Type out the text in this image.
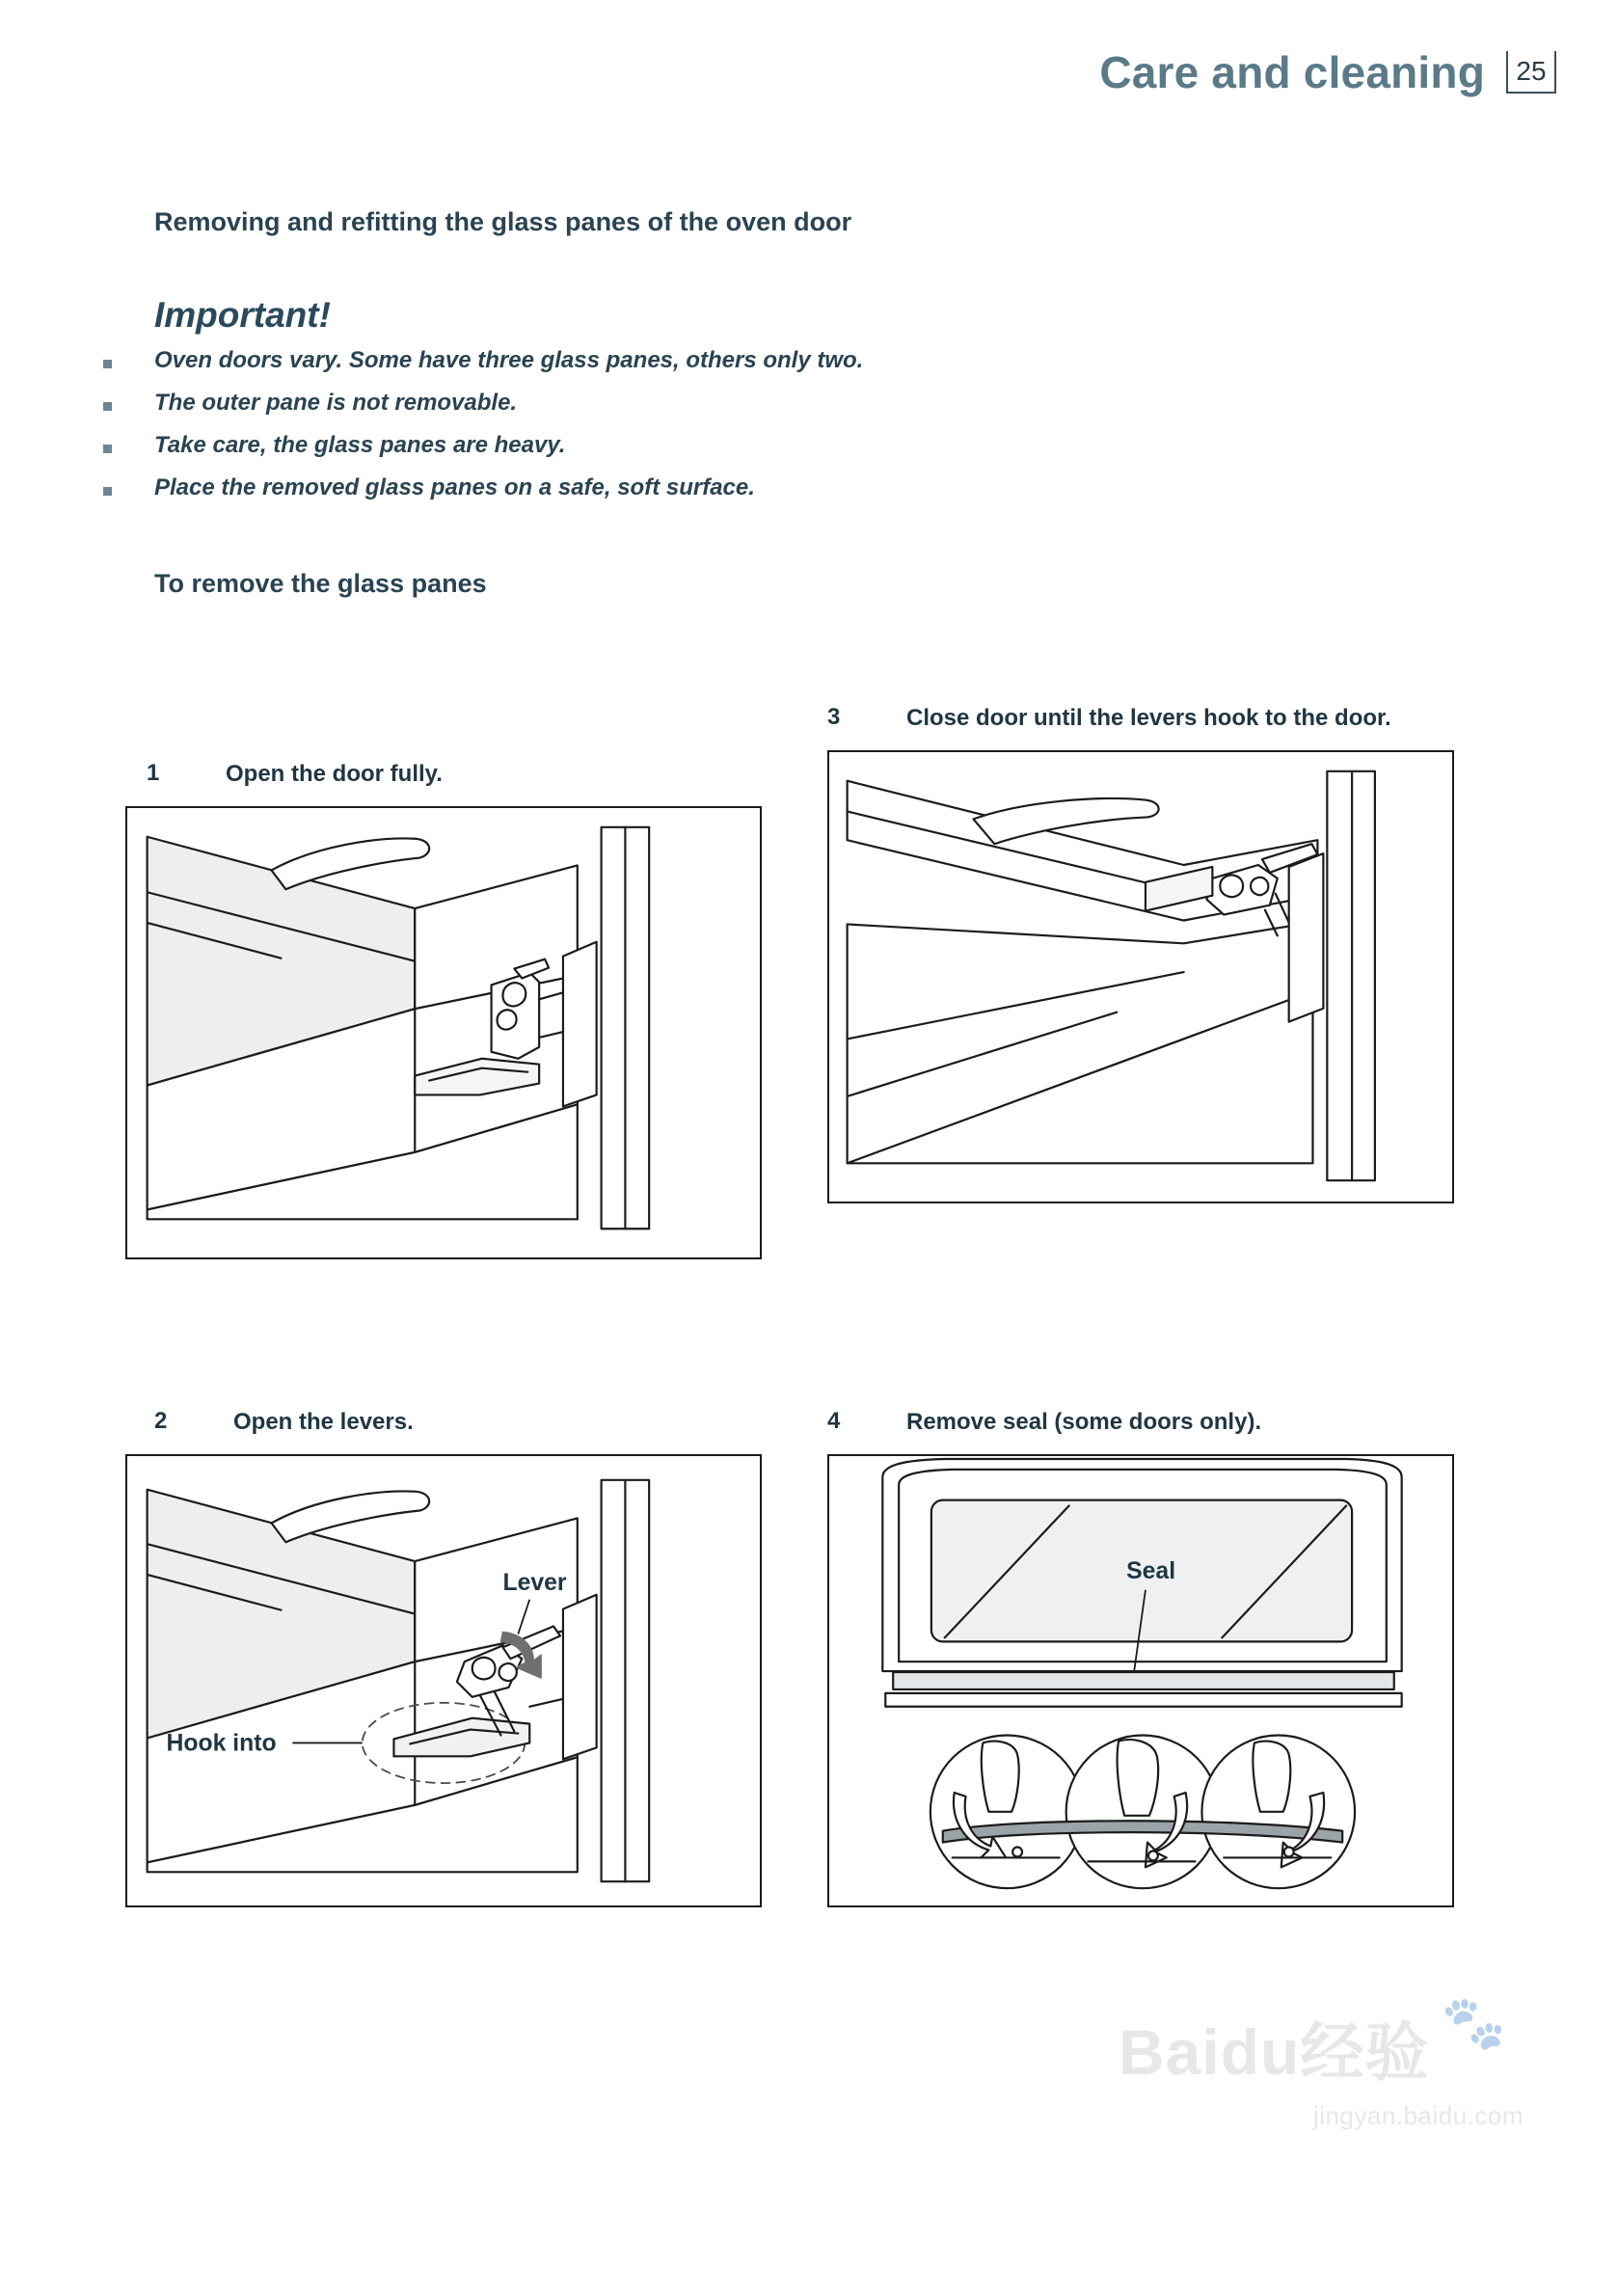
Care and cleaning	25
Removing and refitting the glass panes of the oven door
Important!
Oven doors vary. Some have three glass panes, others only two.
The outer pane is not removable.
Take care, the glass panes are heavy.
Place the removed glass panes on a safe, soft surface.
To remove the glass panes
1	Open the door fully.
2	Open the levers.
Lever
Hook into
3	Close door until the levers hook to the door.
4	Remove seal (some doors only).
Seal
🐾
Baidu经验
jingyan.baidu.com
